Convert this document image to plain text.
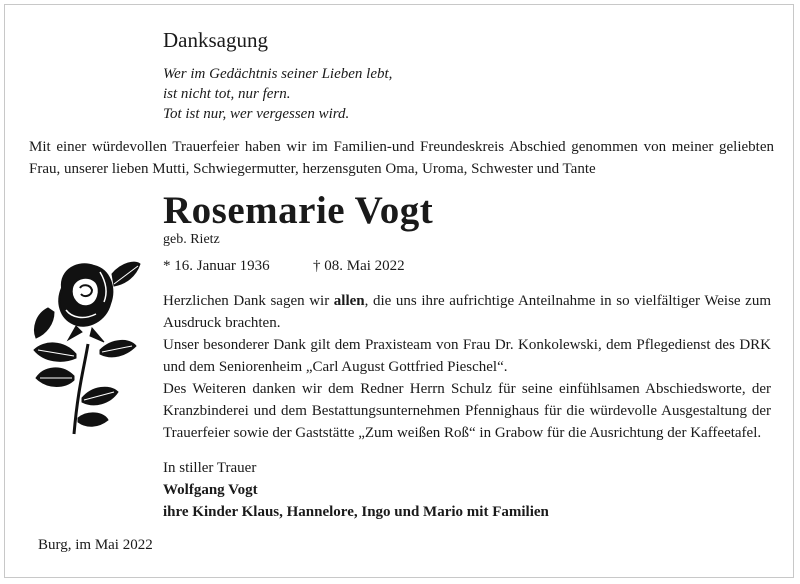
Danksagung
Wer im Gedächtnis seiner Lieben lebt,
ist nicht tot, nur fern.
Tot ist nur, wer vergessen wird.
Mit einer würdevollen Trauerfeier haben wir im Familien-und Freundeskreis Abschied genommen von meiner geliebten Frau, unserer lieben Mutti, Schwiegermutter, herzensguten Oma, Uroma, Schwester und Tante
Rosemarie Vogt
geb. Rietz
* 16. Januar 1936	† 08. Mai 2022

Herzlichen Dank sagen wir allen, die uns ihre aufrichtige Anteilnahme in so vielfältiger Weise zum Ausdruck brachten.

Unser besonderer Dank gilt dem Praxisteam von Frau Dr. Konkolewski, dem Pflegedienst des DRK und dem Seniorenheim „Carl August Gottfried Pieschel“.

Des Weiteren danken wir dem Redner Herrn Schulz für seine einfühlsamen Abschiedsworte, der Kranzbinderei und dem Bestattungsunternehmen Pfennighaus für die würdevolle Ausgestaltung der Trauerfeier sowie der Gaststätte „Zum weißen Roß“ in Grabow für die Ausrichtung der Kaffeetafel.

In stiller Trauer
Wolfgang Vogt
ihre Kinder Klaus, Hannelore, Ingo und Mario mit Familien
Burg, im Mai 2022
